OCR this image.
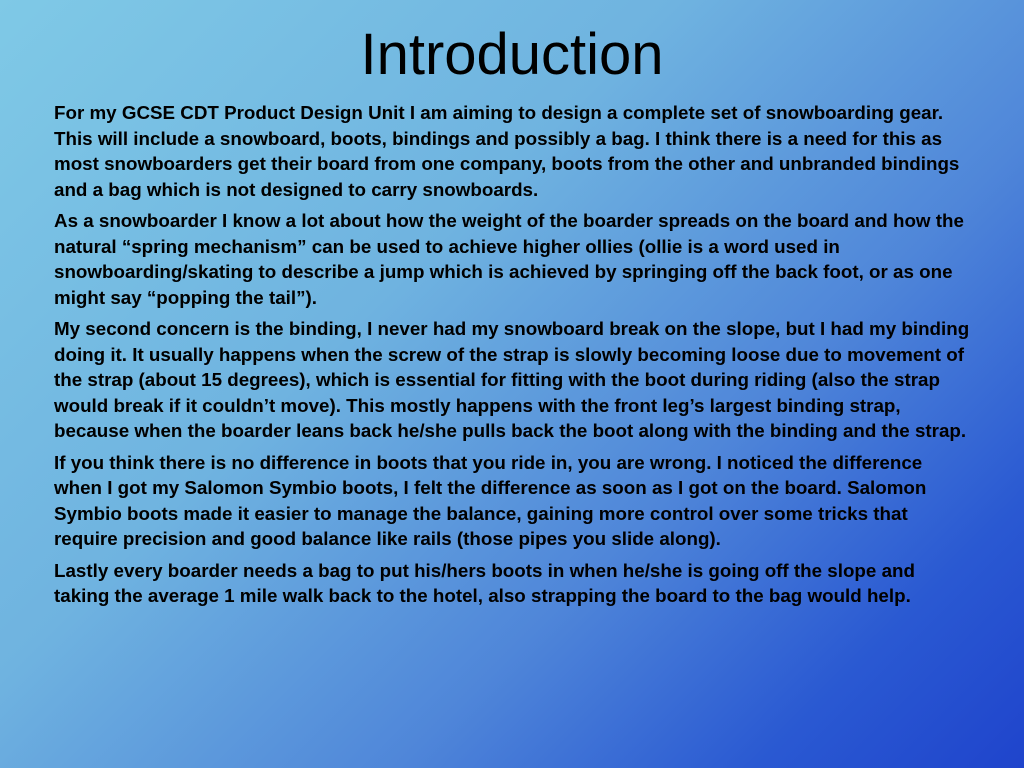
Introduction

For my GCSE CDT Product Design Unit I am aiming to design a complete set of snowboarding gear. This will include a snowboard, boots, bindings and possibly a bag. I think there is a need for this as most snowboarders get their board from one company, boots from the other and unbranded bindings and a bag which is not designed to carry snowboards.

As a snowboarder I know a lot about how the weight of the boarder spreads on the board and how the natural “spring mechanism” can be used to achieve higher ollies (ollie is a word used in snowboarding/skating to describe a jump which is achieved by springing off the back foot, or as one might say “popping the tail”).

My second concern is the binding, I never had my snowboard break on the slope, but I had my binding doing it. It usually happens when the screw of the strap is slowly becoming loose due to movement of the strap (about 15 degrees), which is essential for fitting with the boot during riding (also the strap would break if it couldn’t move). This mostly happens with the front leg’s largest binding strap, because when the boarder leans back he/she pulls back the boot along with the binding and the strap.

If you think there is no difference in boots that you ride in, you are wrong. I noticed the difference when I got my Salomon Symbio boots, I felt the difference as soon as I got on the board. Salomon Symbio boots made it easier to manage the balance, gaining more control over some tricks that require precision and good balance like rails (those pipes you slide along).

Lastly every boarder needs a bag to put his/hers boots in when he/she is going off the slope and taking the average 1 mile walk back to the hotel, also strapping the board to the bag would help.
